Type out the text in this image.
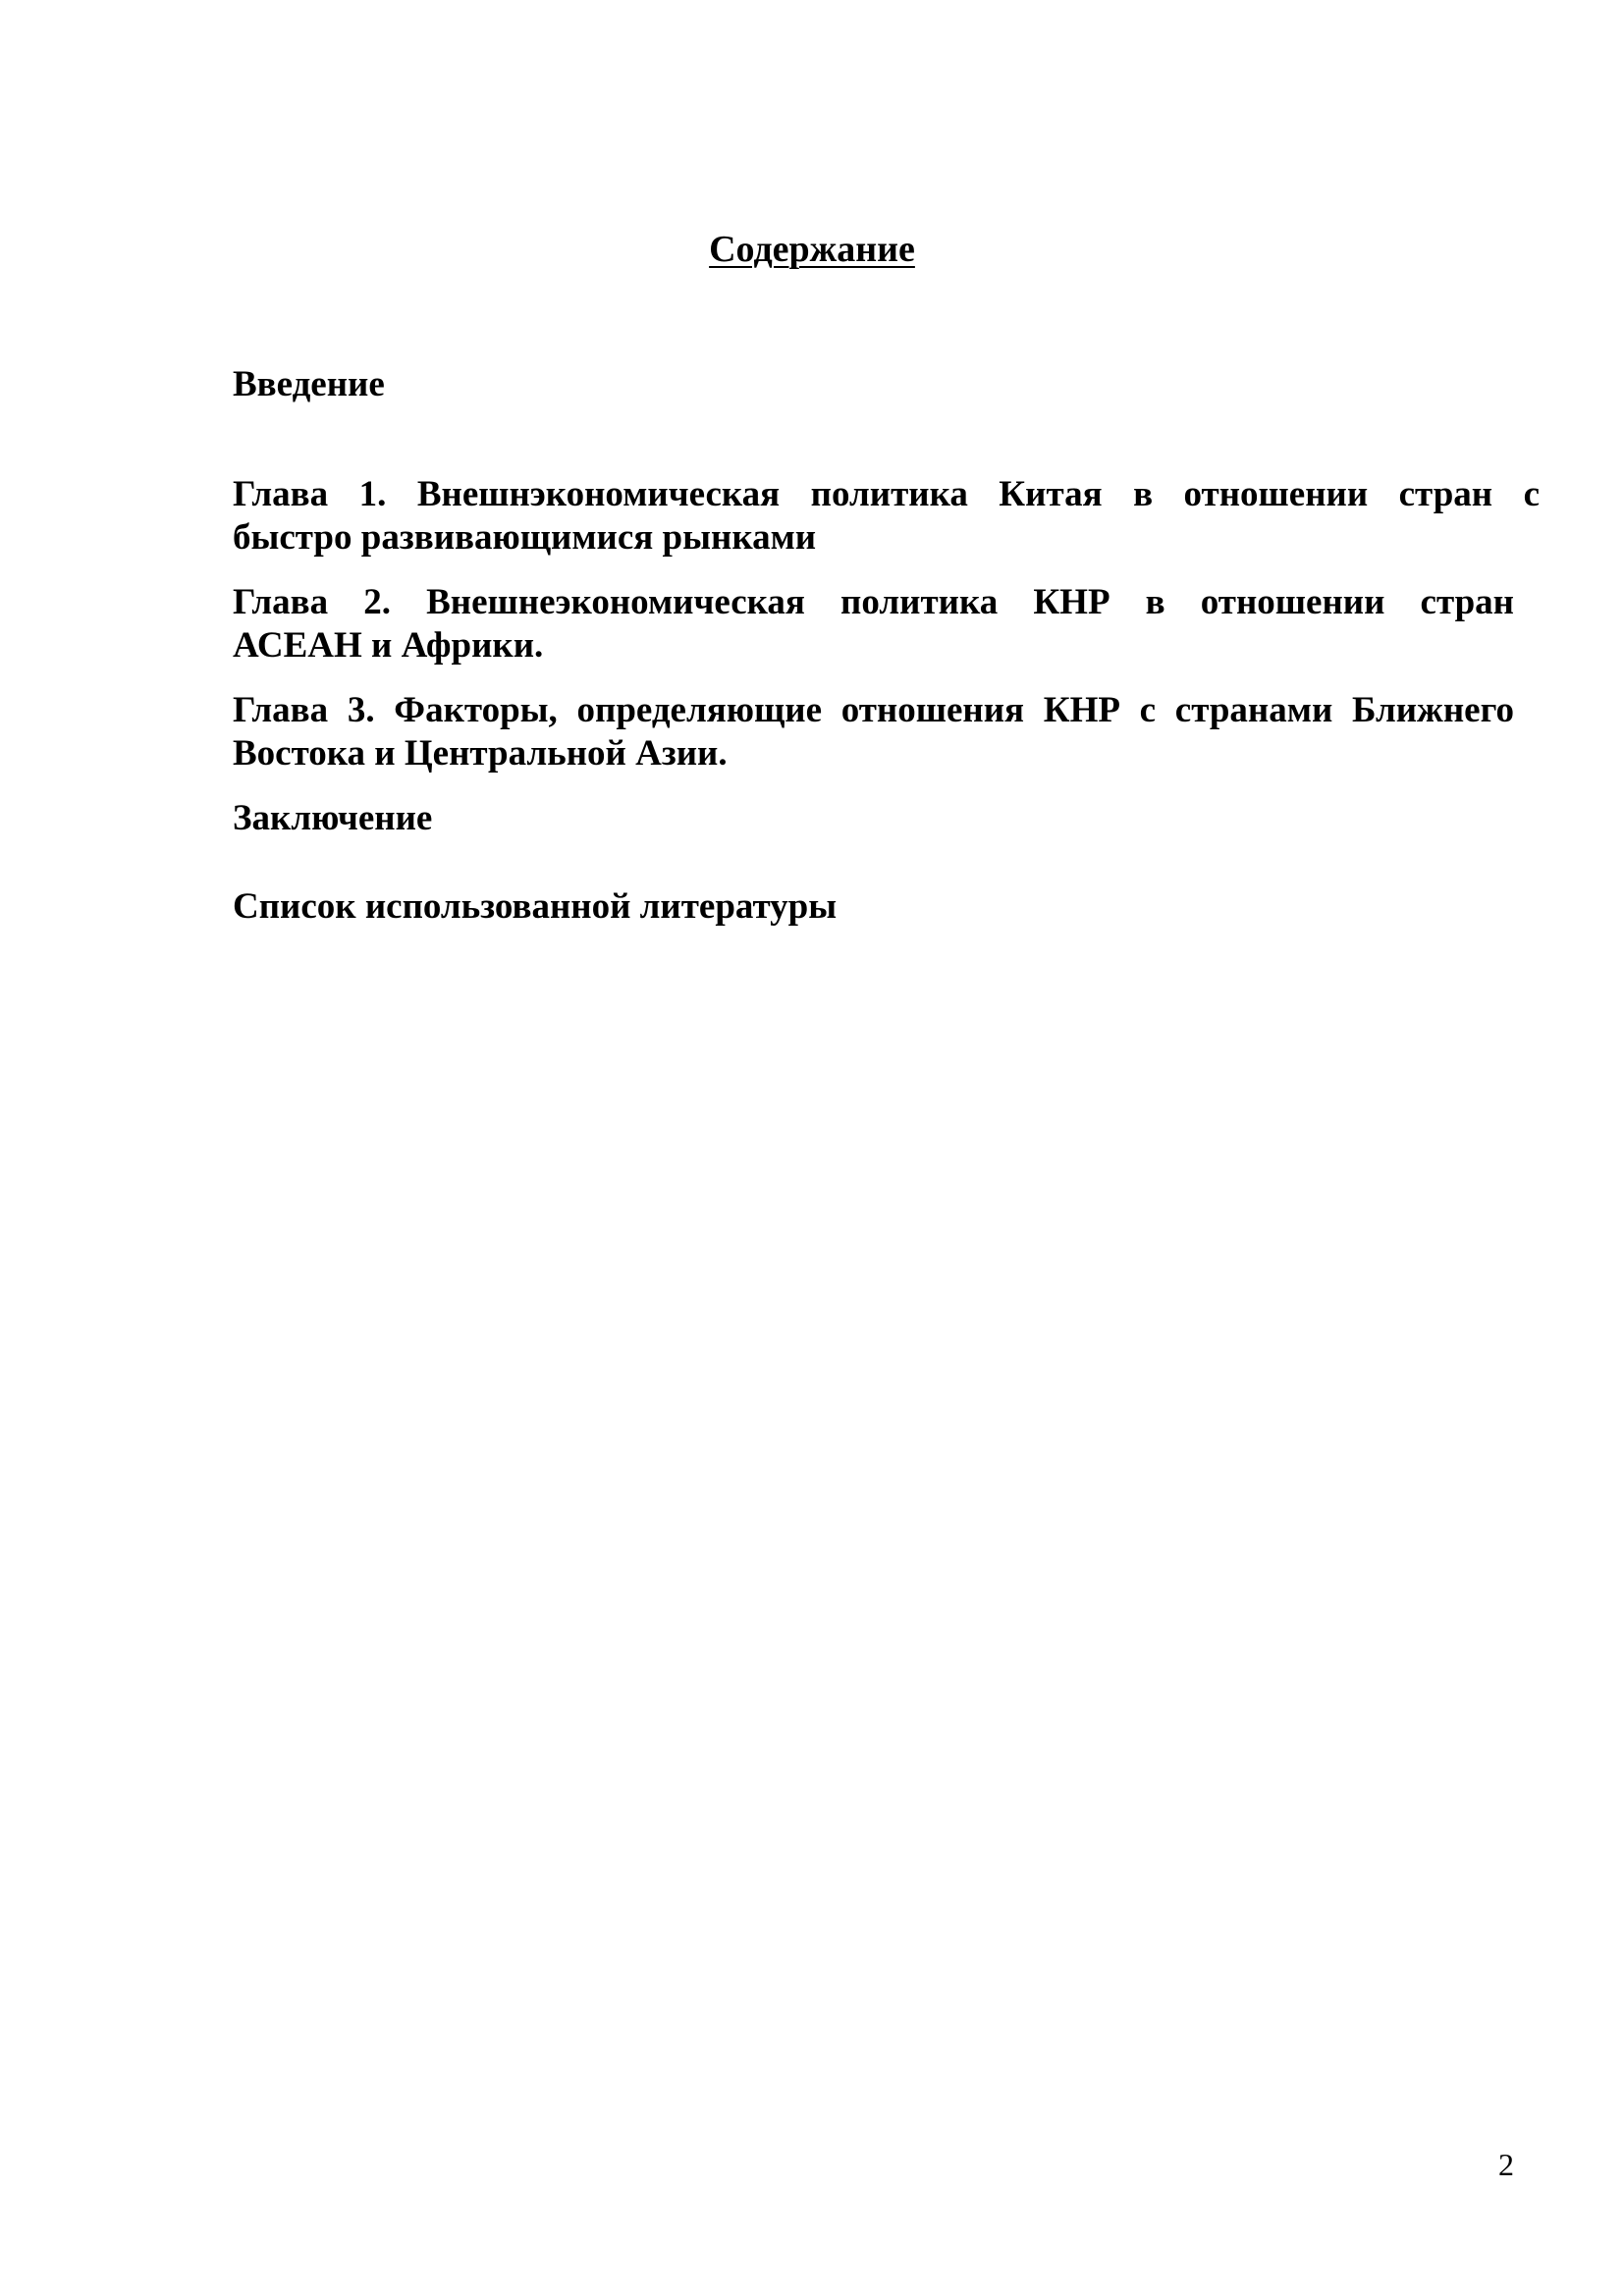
Содержание
Введение
Глава 1. Внешнэкономическая политика Китая в отношении стран с
быстро развивающимися рынками
Глава 2. Внешнеэкономическая политика КНР в отношении стран
АСЕАН и Африки.
Глава 3. Факторы, определяющие отношения КНР с странами Ближнего
Востока и Центральной Азии.
Заключение
Список использованной литературы
2
